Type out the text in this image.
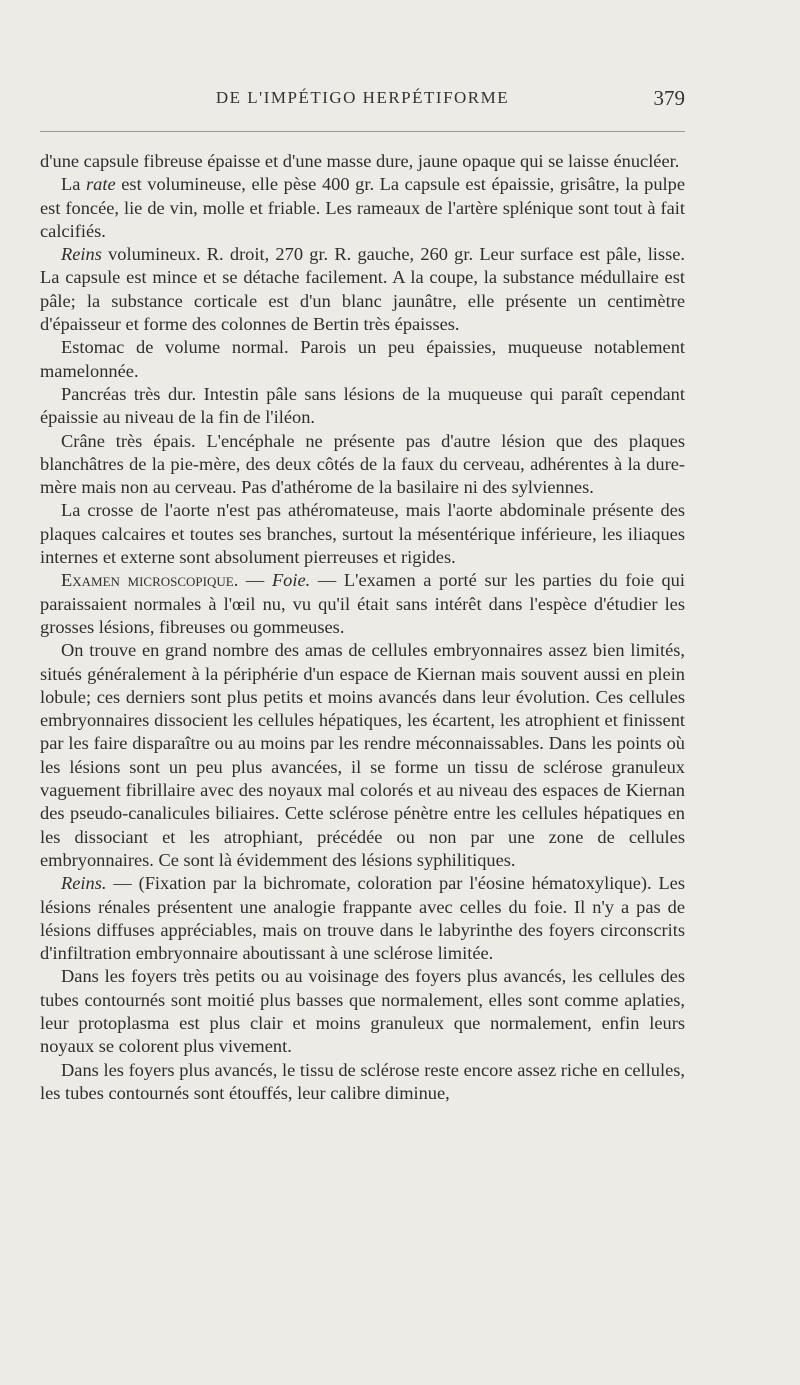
DE L'IMPÉTIGO HERPÉTIFORME	379

d'une capsule fibreuse épaisse et d'une masse dure, jaune opaque qui se laisse énucléer.

La rate est volumineuse, elle pèse 400 gr. La capsule est épaissie, grisâtre, la pulpe est foncée, lie de vin, molle et friable. Les rameaux de l'artère splénique sont tout à fait calcifiés.

Reins volumineux. R. droit, 270 gr. R. gauche, 260 gr. Leur surface est pâle, lisse. La capsule est mince et se détache facilement. A la coupe, la substance médullaire est pâle; la substance corticale est d'un blanc jaunâtre, elle présente un centimètre d'épaisseur et forme des colonnes de Bertin très épaisses.

Estomac de volume normal. Parois un peu épaissies, muqueuse notablement mamelonnée.

Pancréas très dur. Intestin pâle sans lésions de la muqueuse qui paraît cependant épaissie au niveau de la fin de l'iléon.

Crâne très épais. L'encéphale ne présente pas d'autre lésion que des plaques blanchâtres de la pie-mère, des deux côtés de la faux du cerveau, adhérentes à la dure-mère mais non au cerveau. Pas d'athérome de la basilaire ni des sylviennes.

La crosse de l'aorte n'est pas athéromateuse, mais l'aorte abdominale présente des plaques calcaires et toutes ses branches, surtout la mésentérique inférieure, les iliaques internes et externe sont absolument pierreuses et rigides.

Examen microscopique. — Foie. — L'examen a porté sur les parties du foie qui paraissaient normales à l'œil nu, vu qu'il était sans intérêt dans l'espèce d'étudier les grosses lésions, fibreuses ou gommeuses.

On trouve en grand nombre des amas de cellules embryonnaires assez bien limités, situés généralement à la périphérie d'un espace de Kiernan mais souvent aussi en plein lobule; ces derniers sont plus petits et moins avancés dans leur évolution. Ces cellules embryonnaires dissocient les cellules hépatiques, les écartent, les atrophient et finissent par les faire disparaître ou au moins par les rendre méconnaissables. Dans les points où les lésions sont un peu plus avancées, il se forme un tissu de sclérose granuleux vaguement fibrillaire avec des noyaux mal colorés et au niveau des espaces de Kiernan des pseudo-canalicules biliaires. Cette sclérose pénètre entre les cellules hépatiques en les dissociant et les atrophiant, précédée ou non par une zone de cellules embryonnaires. Ce sont là évidemment des lésions syphilitiques.

Reins. — (Fixation par la bichromate, coloration par l'éosine hématoxylique). Les lésions rénales présentent une analogie frappante avec celles du foie. Il n'y a pas de lésions diffuses appréciables, mais on trouve dans le labyrinthe des foyers circonscrits d'infiltration embryonnaire aboutissant à une sclérose limitée.

Dans les foyers très petits ou au voisinage des foyers plus avancés, les cellules des tubes contournés sont moitié plus basses que normalement, elles sont comme aplaties, leur protoplasma est plus clair et moins granuleux que normalement, enfin leurs noyaux se colorent plus vivement.

Dans les foyers plus avancés, le tissu de sclérose reste encore assez riche en cellules, les tubes contournés sont étouffés, leur calibre diminue,
